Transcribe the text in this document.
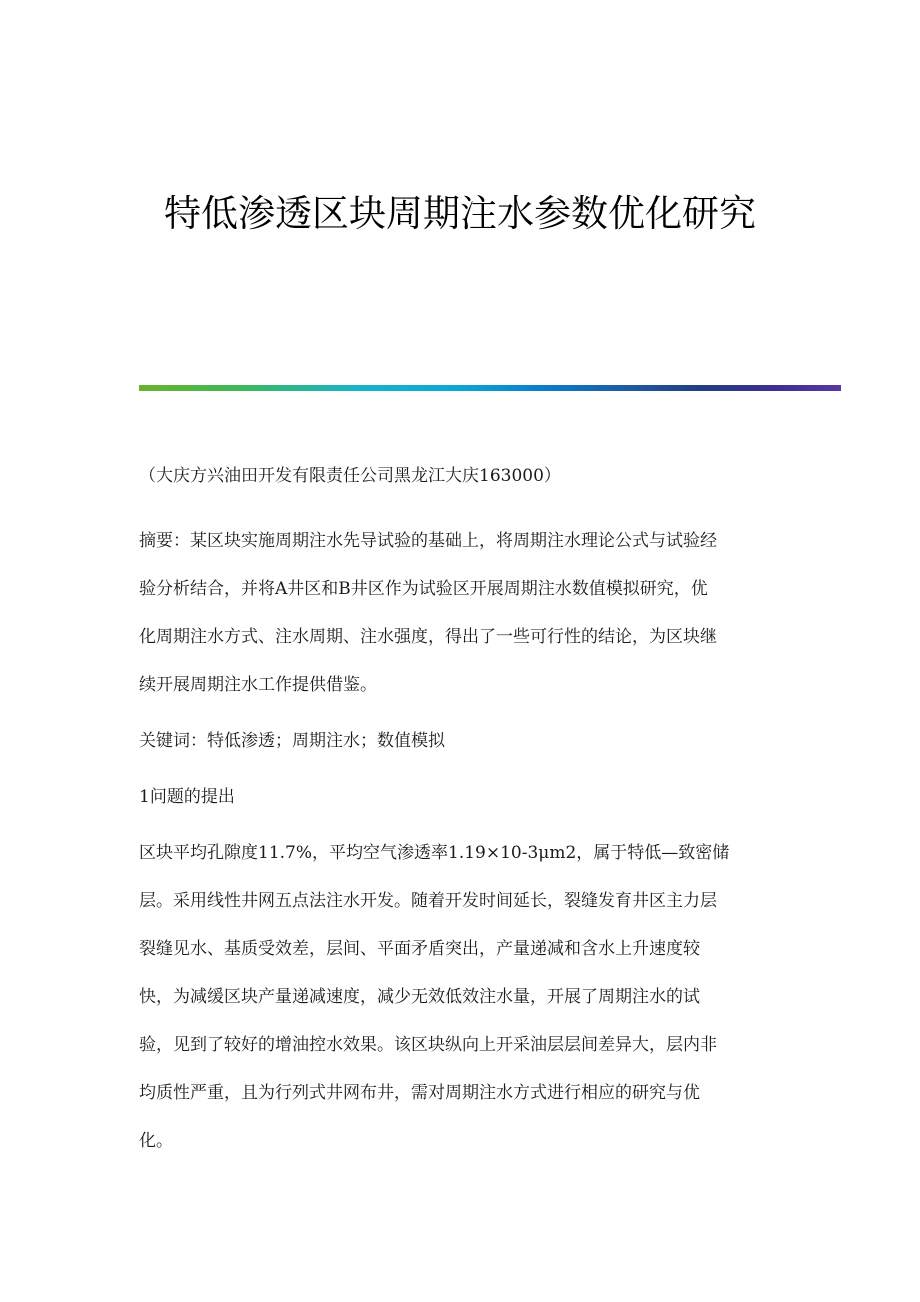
特低渗透区块周期注水参数优化研究
（大庆方兴油田开发有限责任公司黑龙江大庆163000）
摘要：某区块实施周期注水先导试验的基础上，将周期注水理论公式与试验经
验分析结合，并将A井区和B井区作为试验区开展周期注水数值模拟研究，优
化周期注水方式、注水周期、注水强度，得出了一些可行性的结论，为区块继
续开展周期注水工作提供借鉴。
关键词：特低渗透；周期注水；数值模拟
1问题的提出
区块平均孔隙度11.7%，平均空气渗透率1.19×10-3μm2，属于特低—致密储
层。采用线性井网五点法注水开发。随着开发时间延长，裂缝发育井区主力层
裂缝见水、基质受效差，层间、平面矛盾突出，产量递减和含水上升速度较
快，为减缓区块产量递减速度，减少无效低效注水量，开展了周期注水的试
验，见到了较好的增油控水效果。该区块纵向上开采油层层间差异大，层内非
均质性严重，且为行列式井网布井，需对周期注水方式进行相应的研究与优
化。
